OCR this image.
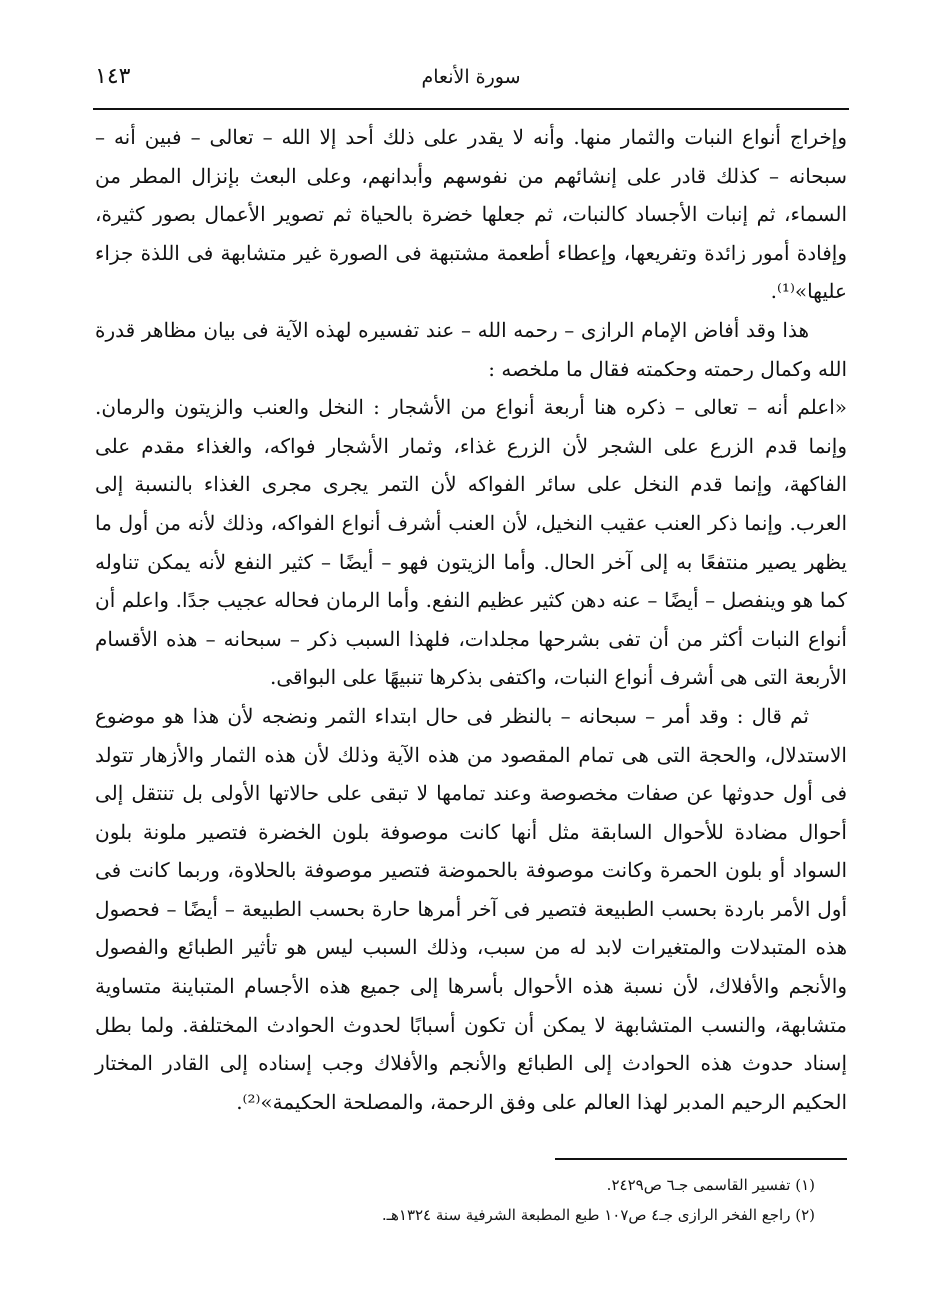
١٤٣	سورة الأنعام

وإخراج أنواع النبات والثمار منها. وأنه لا يقدر على ذلك أحد إلا الله – تعالى – فبين أنه – سبحانه – كذلك قادر على إنشائهم من نفوسهم وأبدانهم، وعلى البعث بإنزال المطر من السماء، ثم إنبات الأجساد كالنبات، ثم جعلها خضرة بالحياة ثم تصوير الأعمال بصور كثيرة، وإفادة أمور زائدة وتفريعها، وإعطاء أطعمة مشتبهة فى الصورة غير متشابهة فى اللذة جزاء عليها»⁽¹⁾.

هذا وقد أفاض الإمام الرازى – رحمه الله – عند تفسيره لهذه الآية فى بيان مظاهر قدرة الله وكمال رحمته وحكمته فقال ما ملخصه :

«اعلم أنه – تعالى – ذكره هنا أربعة أنواع من الأشجار : النخل والعنب والزيتون والرمان. وإنما قدم الزرع على الشجر لأن الزرع غذاء، وثمار الأشجار فواكه، والغذاء مقدم على الفاكهة، وإنما قدم النخل على سائر الفواكه لأن التمر يجرى مجرى الغذاء بالنسبة إلى العرب. وإنما ذكر العنب عقيب النخيل، لأن العنب أشرف أنواع الفواكه، وذلك لأنه من أول ما يظهر يصير منتفعًا به إلى آخر الحال. وأما الزيتون فهو – أيضًا – كثير النفع لأنه يمكن تناوله كما هو وينفصل – أيضًا – عنه دهن كثير عظيم النفع. وأما الرمان فحاله عجيب جدًا. واعلم أن أنواع النبات أكثر من أن تفى بشرحها مجلدات، فلهذا السبب ذكر – سبحانه – هذه الأقسام الأربعة التى هى أشرف أنواع النبات، واكتفى بذكرها تنبيهًا على البواقى.

ثم قال : وقد أمر – سبحانه – بالنظر فى حال ابتداء الثمر ونضجه لأن هذا هو موضوع الاستدلال، والحجة التى هى تمام المقصود من هذه الآية وذلك لأن هذه الثمار والأزهار تتولد فى أول حدوثها عن صفات مخصوصة وعند تمامها لا تبقى على حالاتها الأولى بل تنتقل إلى أحوال مضادة للأحوال السابقة مثل أنها كانت موصوفة بلون الخضرة فتصير ملونة بلون السواد أو بلون الحمرة وكانت موصوفة بالحموضة فتصير موصوفة بالحلاوة، وربما كانت فى أول الأمر باردة بحسب الطبيعة فتصير فى آخر أمرها حارة بحسب الطبيعة – أيضًا – فحصول هذه المتبدلات والمتغيرات لابد له من سبب، وذلك السبب ليس هو تأثير الطبائع والفصول والأنجم والأفلاك، لأن نسبة هذه الأحوال بأسرها إلى جميع هذه الأجسام المتباينة متساوية متشابهة، والنسب المتشابهة لا يمكن أن تكون أسبابًا لحدوث الحوادث المختلفة. ولما بطل إسناد حدوث هذه الحوادث إلى الطبائع والأنجم والأفلاك وجب إسناده إلى القادر المختار الحكيم الرحيم المدبر لهذا العالم على وفق الرحمة، والمصلحة الحكيمة»⁽²⁾.

(١) تفسير القاسمى جـ٦ ص٢٤٢٩.

(٢) راجع الفخر الرازى جـ٤ ص١٠٧ طبع المطبعة الشرفية سنة ١٣٢٤هـ.
